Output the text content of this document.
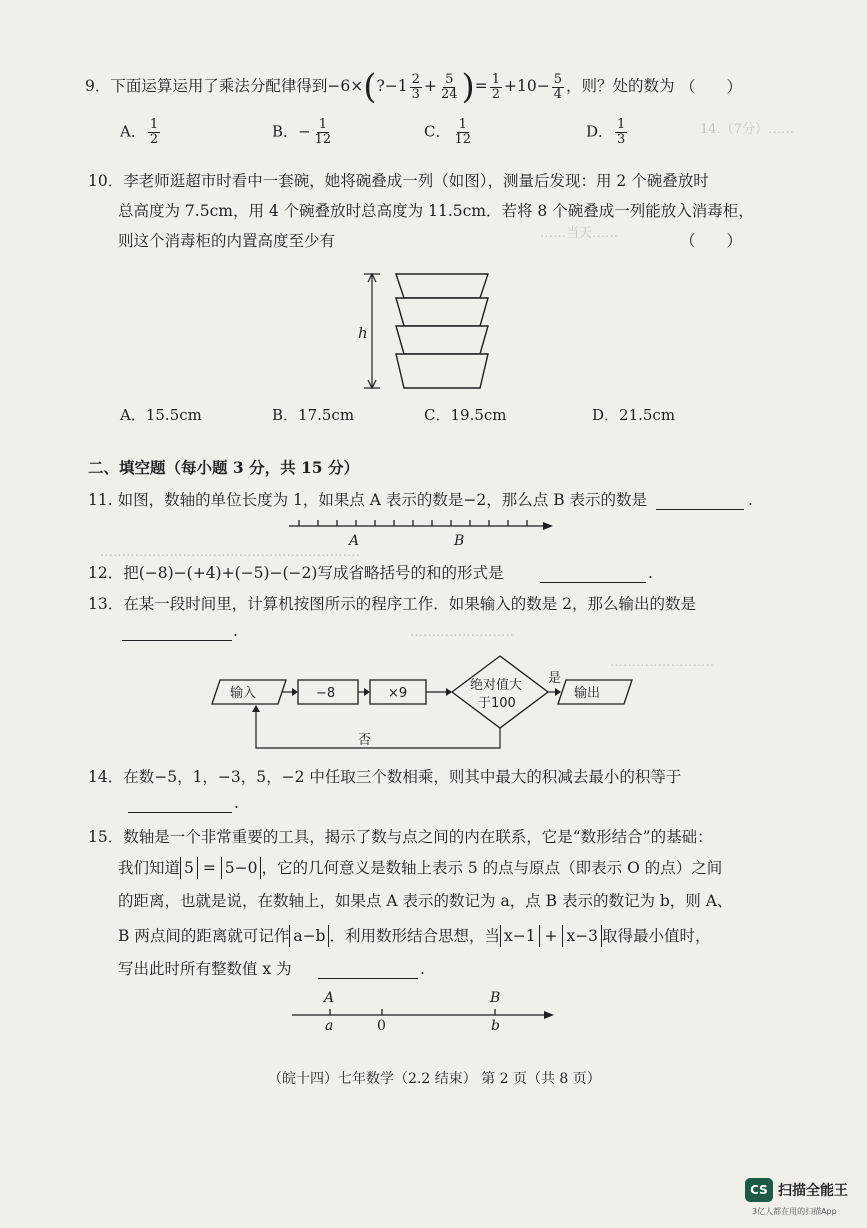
14.（7分）……
……当天……
……………………………………………………
……………………
……………………
9．下面运算运用了乘法分配律得到−6×(?−1 $\frac{2}{3} + \frac{5}{24}$ )= $\frac{1}{2} +10- \frac{5}{4}$ ，则？处的数为 （　　）
A． $\frac{1}{2}$	B．− $\frac{1}{12}$	C． $\frac{1}{12}$	D． $\frac{1}{3}$
10．李老师逛超市时看中一套碗，她将碗叠成一列（如图），测量后发现：用 2 个碗叠放时
总高度为 7.5cm，用 4 个碗叠放时总高度为 11.5cm．若将 8 个碗叠成一列能放入消毒柜，
则这个消毒柜的内置高度至少有	（　　）
h
A．15.5cm	B．17.5cm	C．19.5cm	D．21.5cm
二、填空题（每小题 3 分，共 15 分）
11. 如图，数轴的单位长度为 1，如果点 A 表示的数是−2，那么点 B 表示的数是	.
A	B
12．把(−8)−(+4)+(−5)−(−2)写成省略括号的和的形式是	.
13．在某一段时间里，计算机按图所示的程序工作．如果输入的数是 2，那么输出的数是
.
输入	−8	×9
绝对值大
于100
是
输出
否
14．在数−5，1，−3，5，−2 中任取三个数相乘，则其中最大的积减去最小的积等于
.
15．数轴是一个非常重要的工具，揭示了数与点之间的内在联系，它是“数形结合”的基础：
我们知道 5 = 5−0 ，它的几何意义是数轴上表示 5 的点与原点（即表示 O 的点）之间
的距离，也就是说，在数轴上，如果点 A 表示的数记为 a，点 B 表示的数记为 b，则 A、
B 两点间的距离就可记作 a−b ．利用数形结合思想，当 x−1 + x−3 取得最小值时，
写出此时所有整数值 x 为	.
A
a	0
B
b
（皖十四）七年数学（2.2 结束） 第 2 页（共 8 页）
CS 扫描全能王
3亿人都在用的扫描App
